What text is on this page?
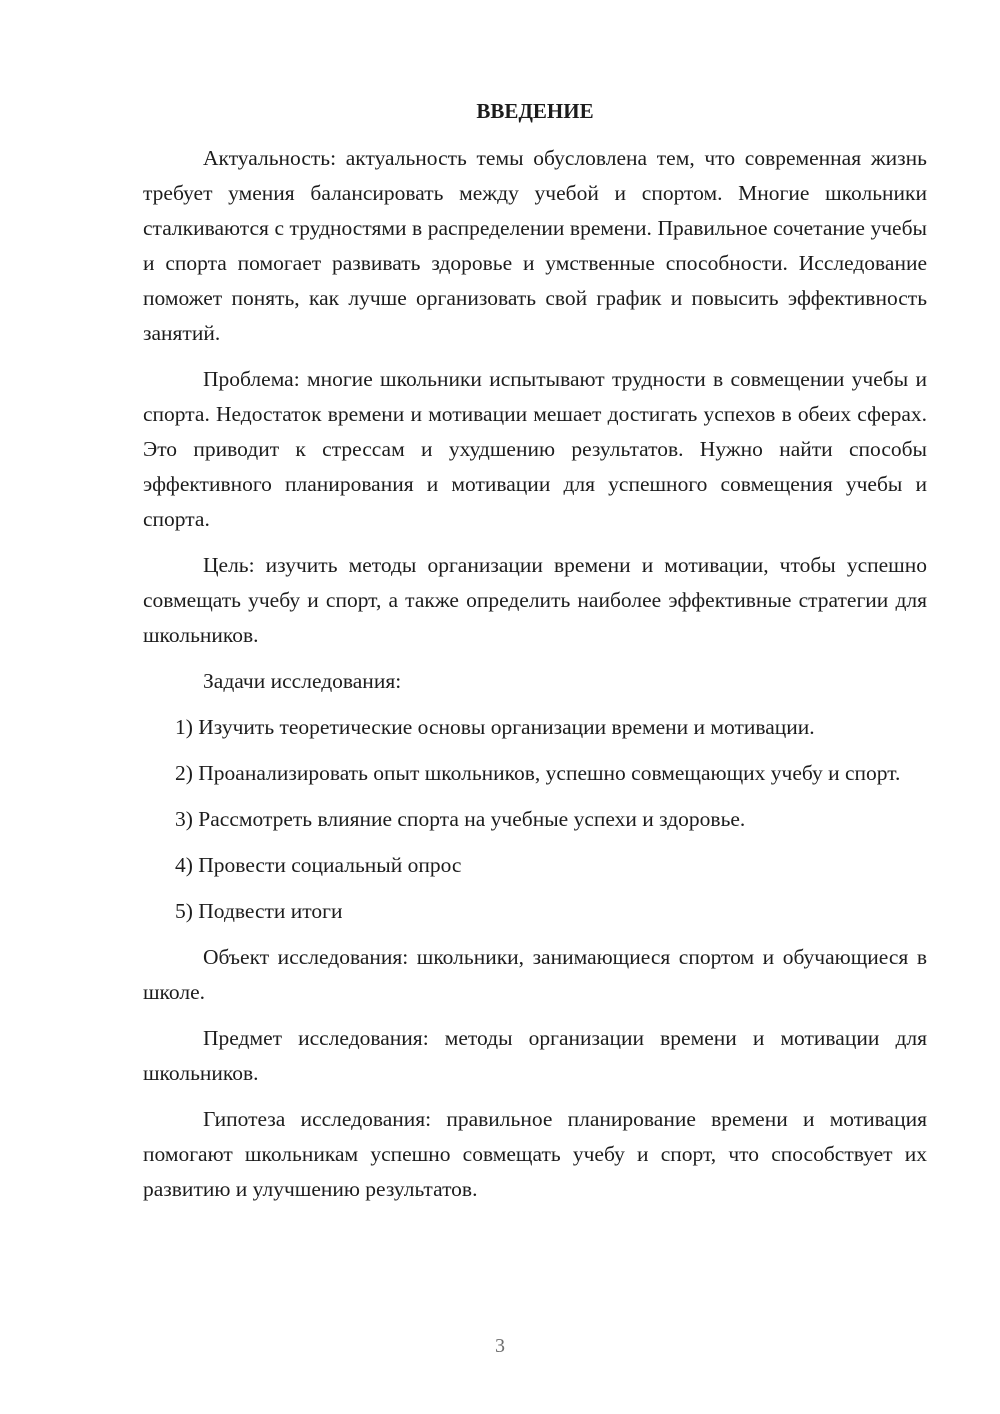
ВВЕДЕНИЕ

Актуальность: актуальность темы обусловлена тем, что современная жизнь требует умения балансировать между учебой и спортом. Многие школьники сталкиваются с трудностями в распределении времени. Правильное сочетание учебы и спорта помогает развивать здоровье и умственные способности. Исследование поможет понять, как лучше организовать свой график и повысить эффективность занятий.

Проблема: многие школьники испытывают трудности в совмещении учебы и спорта. Недостаток времени и мотивации мешает достигать успехов в обеих сферах. Это приводит к стрессам и ухудшению результатов. Нужно найти способы эффективного планирования и мотивации для успешного совмещения учебы и спорта.

Цель: изучить методы организации времени и мотивации, чтобы успешно совмещать учебу и спорт, а также определить наиболее эффективные стратегии для школьников.

Задачи исследования:

1) Изучить теоретические основы организации времени и мотивации.

2) Проанализировать опыт школьников, успешно совмещающих учебу и спорт.

3) Рассмотреть влияние спорта на учебные успехи и здоровье.

4) Провести социальный опрос

5) Подвести итоги

Объект исследования: школьники, занимающиеся спортом и обучающиеся в школе.

Предмет исследования: методы организации времени и мотивации для школьников.

Гипотеза исследования: правильное планирование времени и мотивация помогают школьникам успешно совмещать учебу и спорт, что способствует их развитию и улучшению результатов.

3
